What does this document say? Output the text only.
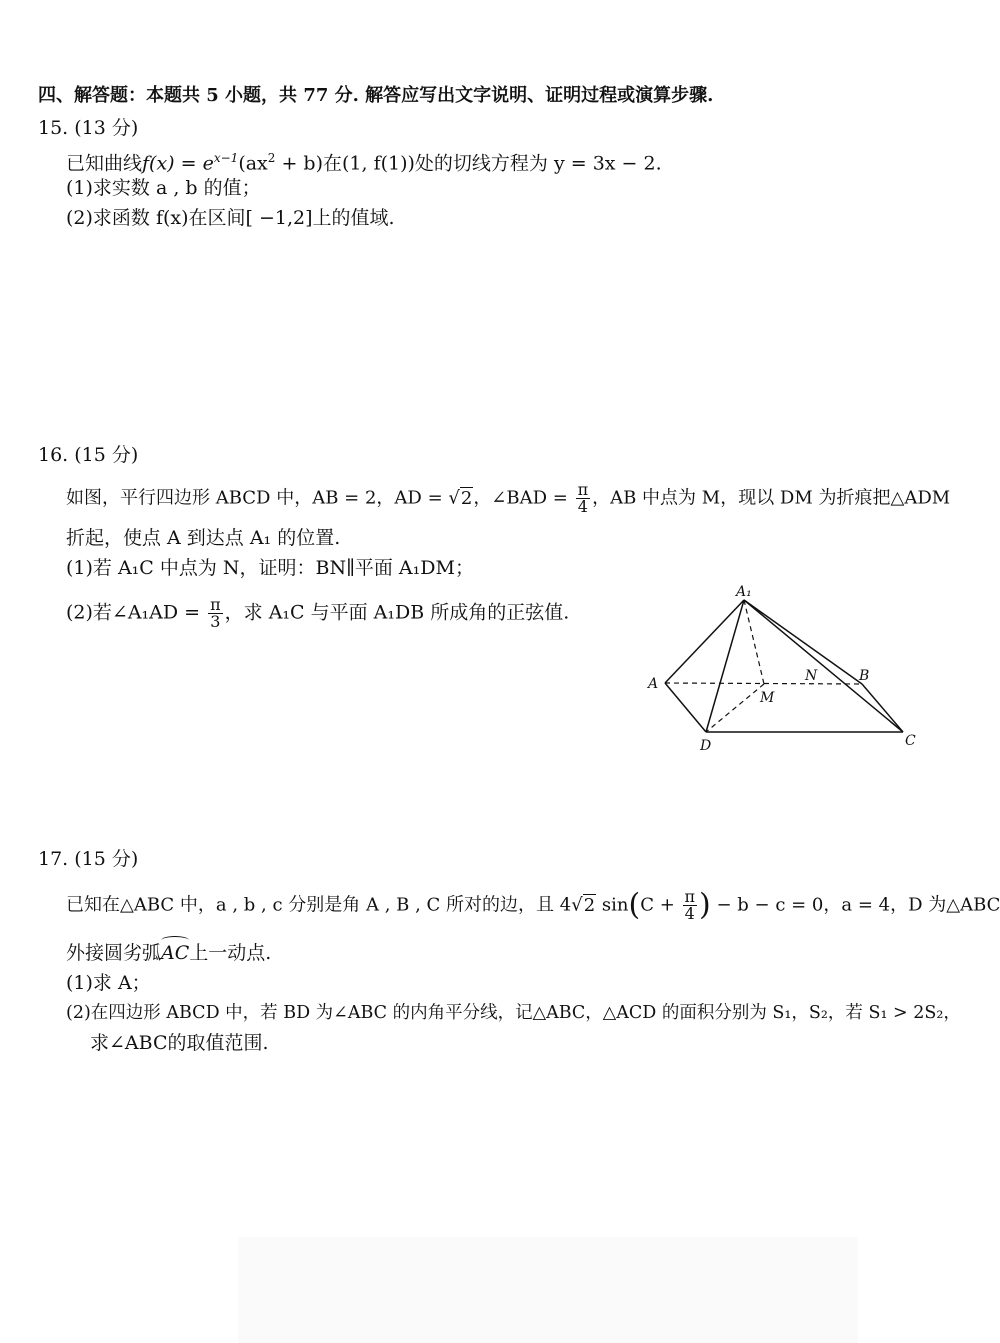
四、解答题：本题共 5 小题，共 77 分. 解答应写出文字说明、证明过程或演算步骤.
15. (13 分)
已知曲线$f(x) = e^{x-1}(ax^2 + b)$在(1, f(1))处的切线方程为 y = 3x − 2.
(1)求实数 a , b 的值；
(2)求函数 f(x)在区间[ −1,2]上的值域.
16. (15 分)
如图，平行四边形 ABCD 中，AB = 2，AD = √2，∠BAD = $\frac{\pi}{4}$ ，AB 中点为 M，现以 DM 为折痕把△ADM
折起，使点 A 到达点 A₁ 的位置.
(1)若 A₁C 中点为 N，证明：BN∥平面 A₁DM；
(2)若∠A₁AD = $\frac{\pi}{3}$ ，求 A₁C 与平面 A₁DB 所成角的正弦值.
A₁
A
M
N	B
D	C
17. (15 分)
已知在△ABC 中，a , b , c 分别是角 A , B , C 所对的边，且 4√2 $\sin(C + \frac{\pi}{4}$ ) − b − c = 0，a = 4，D 为△ABC
外接圆劣弧AC上一动点.
(1)求 A；
(2)在四边形 ABCD 中，若 BD 为∠ABC 的内角平分线，记△ABC，△ACD 的面积分别为 S₁，S₂，若 S₁ > 2S₂，
求∠ABC的取值范围.
